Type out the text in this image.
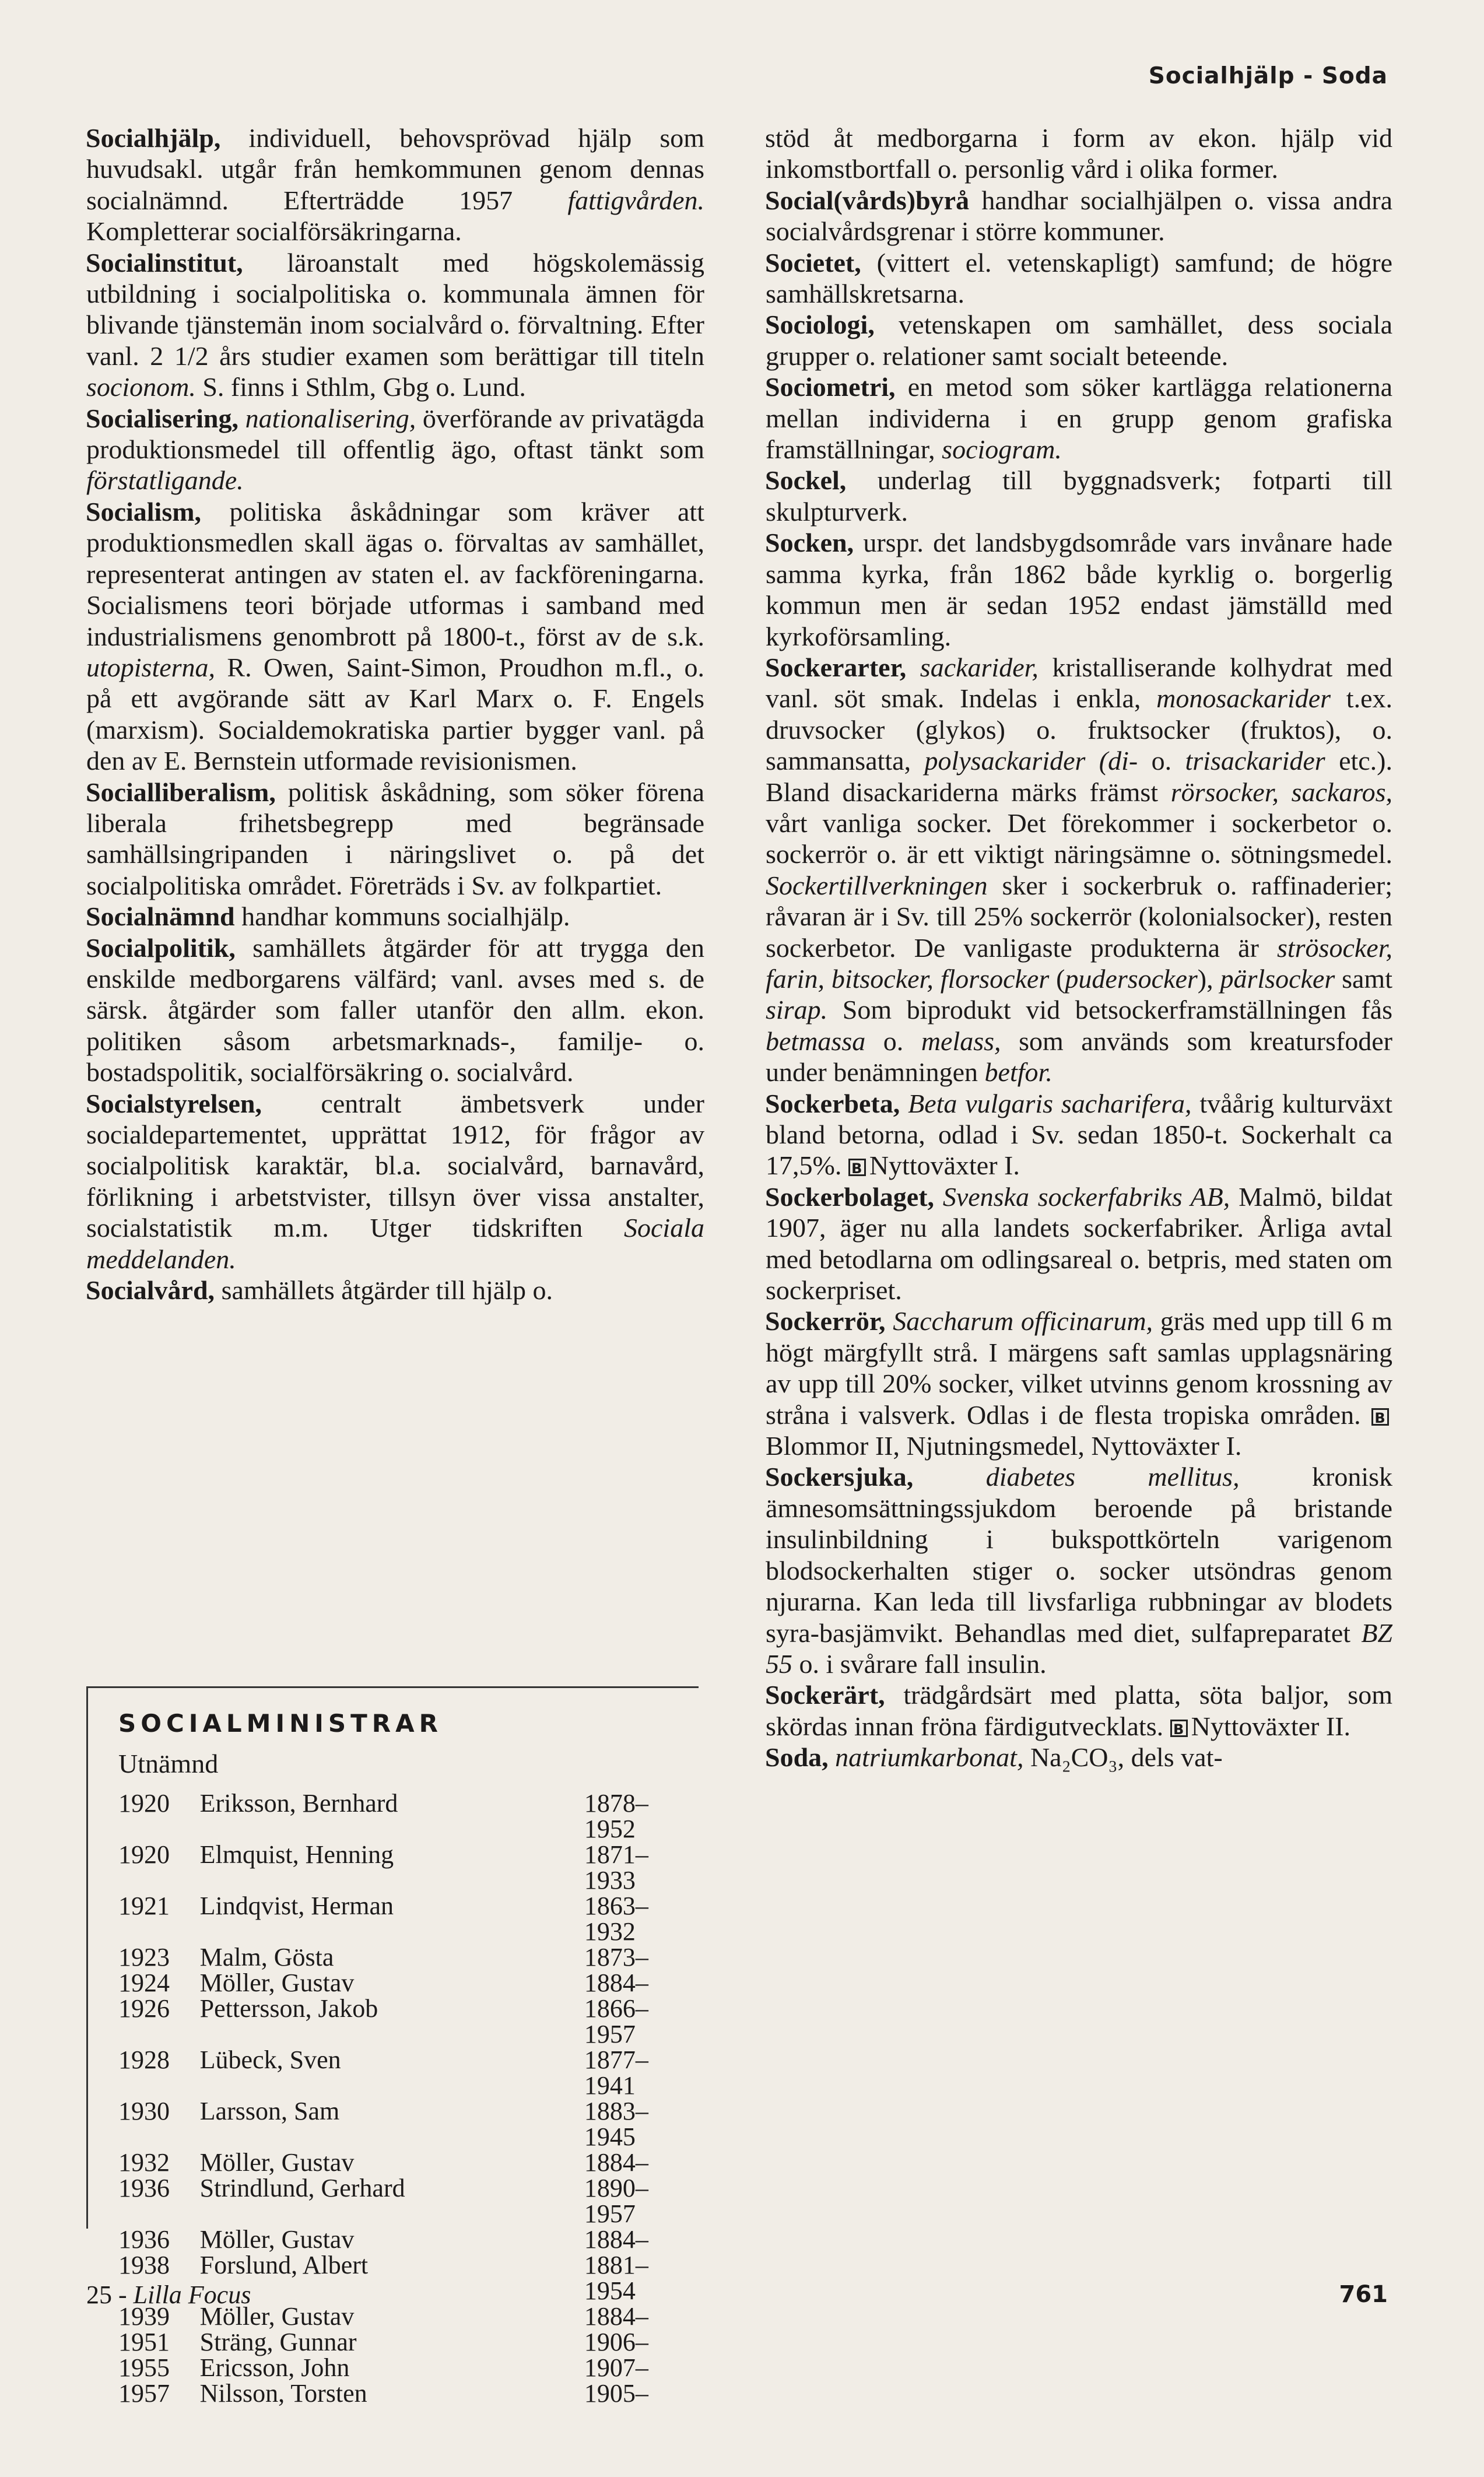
Socialhjälp - Soda

Socialhjälp, individuell, behovsprövad hjälp som huvudsakl. utgår från hemkommunen genom dennas socialnämnd. Efterträdde 1957 fattigvården. Kompletterar socialförsäkringarna.

Socialinstitut, läroanstalt med högskolemässig utbildning i socialpolitiska o. kommunala ämnen för blivande tjänstemän inom socialvård o. förvaltning. Efter vanl. 2 1/2 års studier examen som berättigar till titeln socionom. S. finns i Sthlm, Gbg o. Lund.

Socialisering, nationalisering, överförande av privatägda produktionsmedel till offentlig ägo, oftast tänkt som förstatligande.

Socialism, politiska åskådningar som kräver att produktionsmedlen skall ägas o. förvaltas av samhället, representerat antingen av staten el. av fackföreningarna. Socialismens teori började utformas i samband med industrialismens genombrott på 1800-t., först av de s.k. utopisterna, R. Owen, Saint-Simon, Proudhon m.fl., o. på ett avgörande sätt av Karl Marx o. F. Engels (marxism). Socialdemokratiska partier bygger vanl. på den av E. Bernstein utformade revisionismen.

Socialliberalism, politisk åskådning, som söker förena liberala frihetsbegrepp med begränsade samhällsingripanden i näringslivet o. på det socialpolitiska området. Företräds i Sv. av folkpartiet.

Socialnämnd handhar kommuns socialhjälp.

Socialpolitik, samhällets åtgärder för att trygga den enskilde medborgarens välfärd; vanl. avses med s. de särsk. åtgärder som faller utanför den allm. ekon. politiken såsom arbetsmarknads-, familje- o. bostadspolitik, socialförsäkring o. socialvård.

Socialstyrelsen, centralt ämbetsverk under socialdepartementet, upprättat 1912, för frågor av socialpolitisk karaktär, bl.a. socialvård, barnavård, förlikning i arbetstvister, tillsyn över vissa anstalter, socialstatistik m.m. Utger tidskriften Sociala meddelanden.

Socialvård, samhällets åtgärder till hjälp o.

stöd åt medborgarna i form av ekon. hjälp vid inkomstbortfall o. personlig vård i olika former.

Social(vårds)byrå handhar socialhjälpen o. vissa andra socialvårdsgrenar i större kommuner.

Societet, (vittert el. vetenskapligt) samfund; de högre samhällskretsarna.

Sociologi, vetenskapen om samhället, dess sociala grupper o. relationer samt socialt beteende.

Sociometri, en metod som söker kartlägga relationerna mellan individerna i en grupp genom grafiska framställningar, sociogram.

Sockel, underlag till byggnadsverk; fotparti till skulpturverk.

Socken, urspr. det landsbygdsområde vars invånare hade samma kyrka, från 1862 både kyrklig o. borgerlig kommun men är sedan 1952 endast jämställd med kyrkoförsamling.

Sockerarter, sackarider, kristalliserande kolhydrat med vanl. söt smak. Indelas i enkla, monosackarider t.ex. druvsocker (glykos) o. fruktsocker (fruktos), o. sammansatta, polysackarider (di- o. trisackarider etc.). Bland disackariderna märks främst rörsocker, sackaros, vårt vanliga socker. Det förekommer i sockerbetor o. sockerrör o. är ett viktigt näringsämne o. sötningsmedel. Sockertillverkningen sker i sockerbruk o. raffinaderier; råvaran är i Sv. till 25% sockerrör (kolonialsocker), resten sockerbetor. De vanligaste produkterna är strösocker, farin, bitsocker, florsocker (pudersocker), pärlsocker samt sirap. Som biprodukt vid betsockerframställningen fås betmassa o. melass, som används som kreatursfoder under benämningen betfor.

Sockerbeta, Beta vulgaris sacharifera, tvåårig kulturväxt bland betorna, odlad i Sv. sedan 1850-t. Sockerhalt ca 17,5%. B Nyttoväxter I.

Sockerbolaget, Svenska sockerfabriks AB, Malmö, bildat 1907, äger nu alla landets sockerfabriker. Årliga avtal med betodlarna om odlingsareal o. betpris, med staten om sockerpriset.

Sockerrör, Saccharum officinarum, gräs med upp till 6 m högt märgfyllt strå. I märgens saft samlas upplagsnäring av upp till 20% socker, vilket utvinns genom krossning av stråna i valsverk. Odlas i de flesta tropiska områden. BBlommor II, Njutningsmedel, Nyttoväxter I.

Sockersjuka,	diabetes mellitus, kronisk ämnesomsättningssjukdom beroende på bristande insulinbildning i bukspottkörteln varigenom blodsockerhalten stiger o. socker utsöndras genom njurarna. Kan leda till livsfarliga rubbningar av blodets syra-basjämvikt. Behandlas med diet, sulfapreparatet BZ 55 o. i svårare fall insulin.

Sockerärt, trädgårdsärt med platta, söta baljor, som skördas innan fröna färdigutvecklats. B Nyttoväxter II.

Soda, natriumkarbonat, Na₂CO₃, dels vat-

SOCIALMINISTRAR
Utnämnd
1920	Eriksson, Bernhard	1878–1952
1920	Elmquist, Henning	1871–1933
1921	Lindqvist, Herman	1863–1932
1923	Malm, Gösta	1873–
1924	Möller, Gustav	1884–
1926	Pettersson, Jakob	1866–1957
1928	Lübeck, Sven	1877–1941
1930	Larsson, Sam	1883–1945
1932	Möller, Gustav	1884–
1936	Strindlund, Gerhard	1890–1957
1936	Möller, Gustav	1884–
1938	Forslund, Albert	1881–1954
1939	Möller, Gustav	1884–
1951	Sträng, Gunnar	1906–
1955	Ericsson, John	1907–
1957	Nilsson, Torsten	1905–
25 - Lilla Focus	761
